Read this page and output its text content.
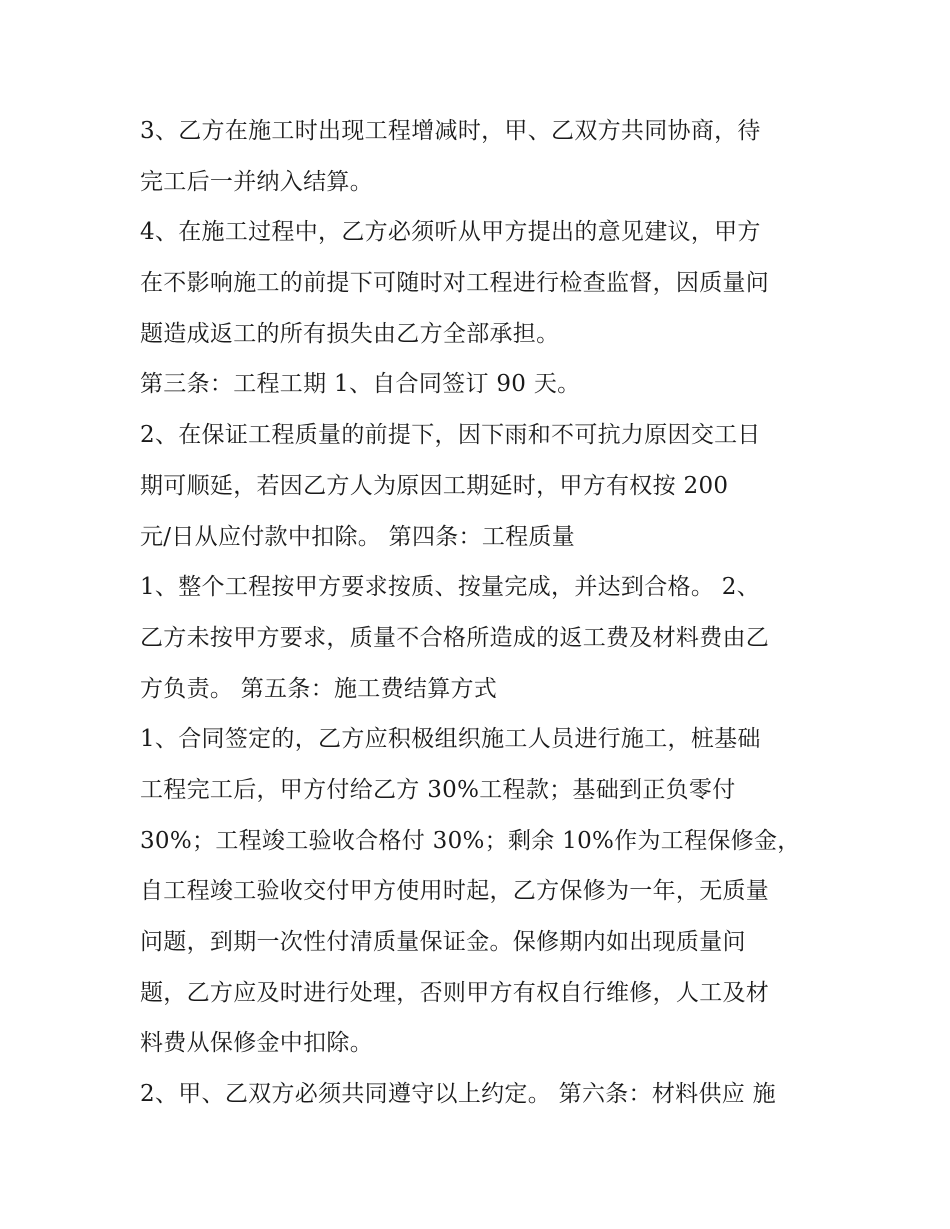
3、乙方在施工时出现工程增减时，甲、乙双方共同协商，待
完工后一并纳入结算。
4、在施工过程中，乙方必须听从甲方提出的意见建议，甲方
在不影响施工的前提下可随时对工程进行检查监督，因质量问
题造成返工的所有损失由乙方全部承担。
第三条：工程工期 1、自合同签订 90 天。
2、在保证工程质量的前提下，因下雨和不可抗力原因交工日
期可顺延，若因乙方人为原因工期延时，甲方有权按 200
元/日从应付款中扣除。 第四条：工程质量
1、整个工程按甲方要求按质、按量完成，并达到合格。 2、
乙方未按甲方要求，质量不合格所造成的返工费及材料费由乙
方负责。 第五条：施工费结算方式
1、合同签定的，乙方应积极组织施工人员进行施工，桩基础
工程完工后，甲方付给乙方 30%工程款；基础到正负零付
30%；工程竣工验收合格付 30%；剩余 10%作为工程保修金，
自工程竣工验收交付甲方使用时起，乙方保修为一年，无质量
问题，到期一次性付清质量保证金。保修期内如出现质量问
题，乙方应及时进行处理，否则甲方有权自行维修，人工及材
料费从保修金中扣除。
2、甲、乙双方必须共同遵守以上约定。 第六条：材料供应 施
